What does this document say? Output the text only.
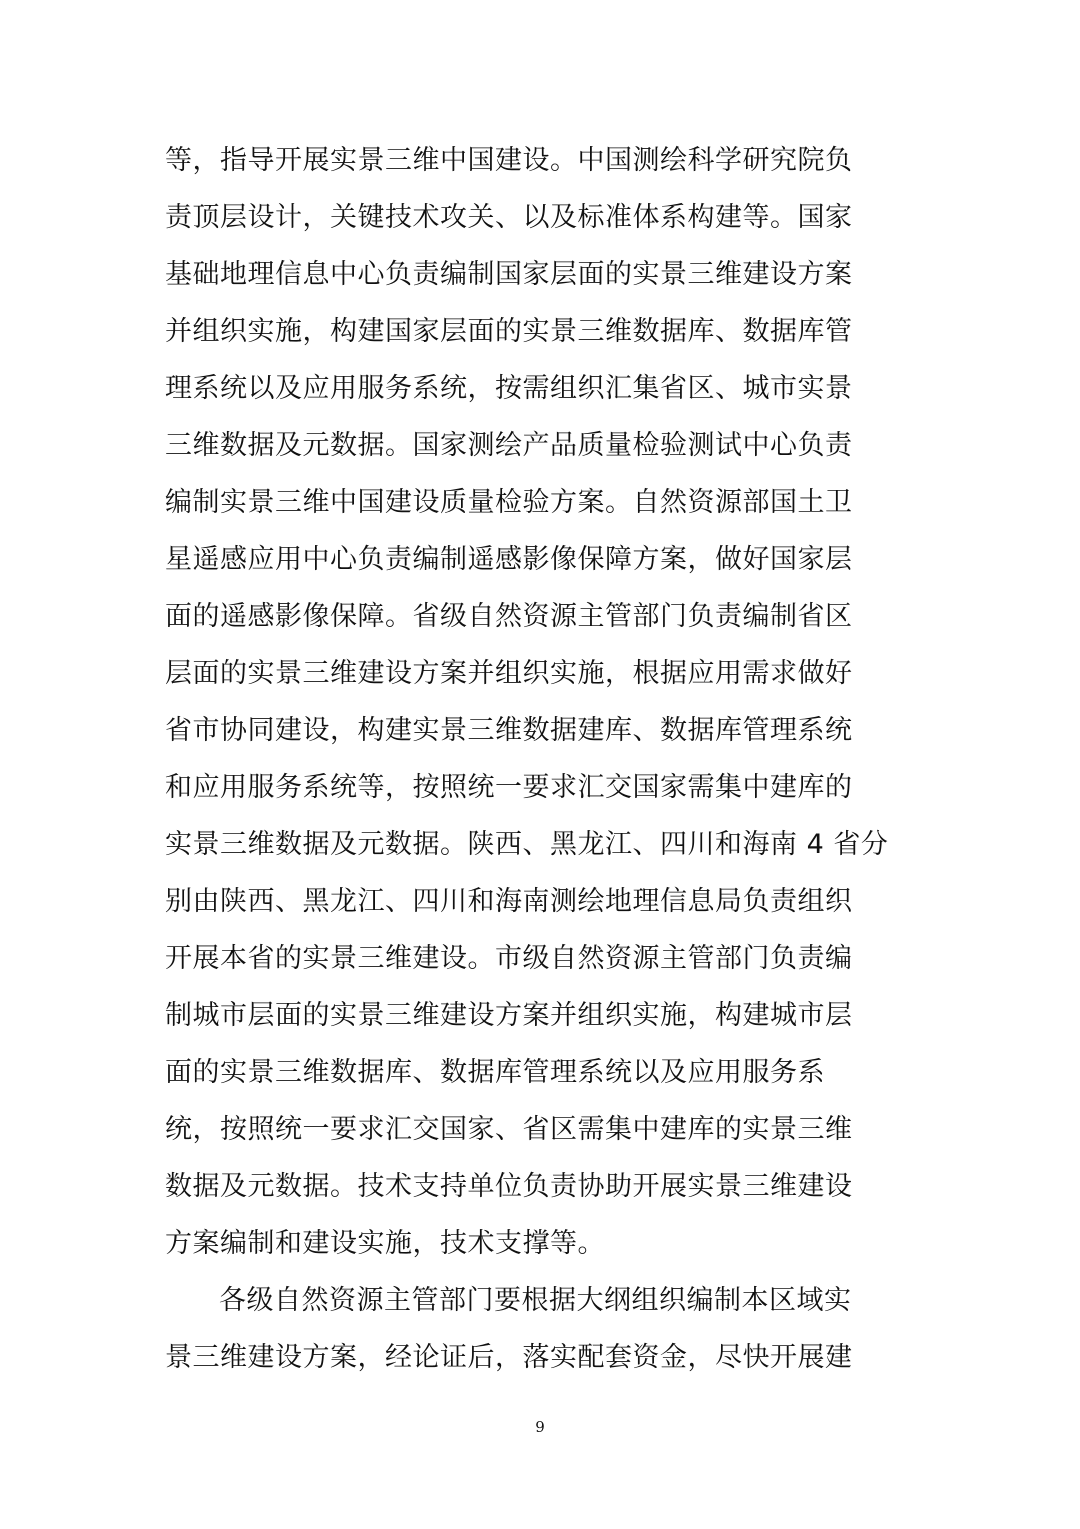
等，指导开展实景三维中国建设。中国测绘科学研究院负
责顶层设计，关键技术攻关、以及标准体系构建等。国家
基础地理信息中心负责编制国家层面的实景三维建设方案
并组织实施，构建国家层面的实景三维数据库、数据库管
理系统以及应用服务系统，按需组织汇集省区、城市实景
三维数据及元数据。国家测绘产品质量检验测试中心负责
编制实景三维中国建设质量检验方案。自然资源部国土卫
星遥感应用中心负责编制遥感影像保障方案，做好国家层
面的遥感影像保障。省级自然资源主管部门负责编制省区
层面的实景三维建设方案并组织实施，根据应用需求做好
省市协同建设，构建实景三维数据建库、数据库管理系统
和应用服务系统等，按照统一要求汇交国家需集中建库的
实景三维数据及元数据。陕西、黑龙江、四川和海南 4 省分
别由陕西、黑龙江、四川和海南测绘地理信息局负责组织
开展本省的实景三维建设。市级自然资源主管部门负责编
制城市层面的实景三维建设方案并组织实施，构建城市层
面的实景三维数据库、数据库管理系统以及应用服务系
统，按照统一要求汇交国家、省区需集中建库的实景三维
数据及元数据。技术支持单位负责协助开展实景三维建设
方案编制和建设实施，技术支撑等。
各级自然资源主管部门要根据大纲组织编制本区域实
景三维建设方案，经论证后，落实配套资金，尽快开展建
9
